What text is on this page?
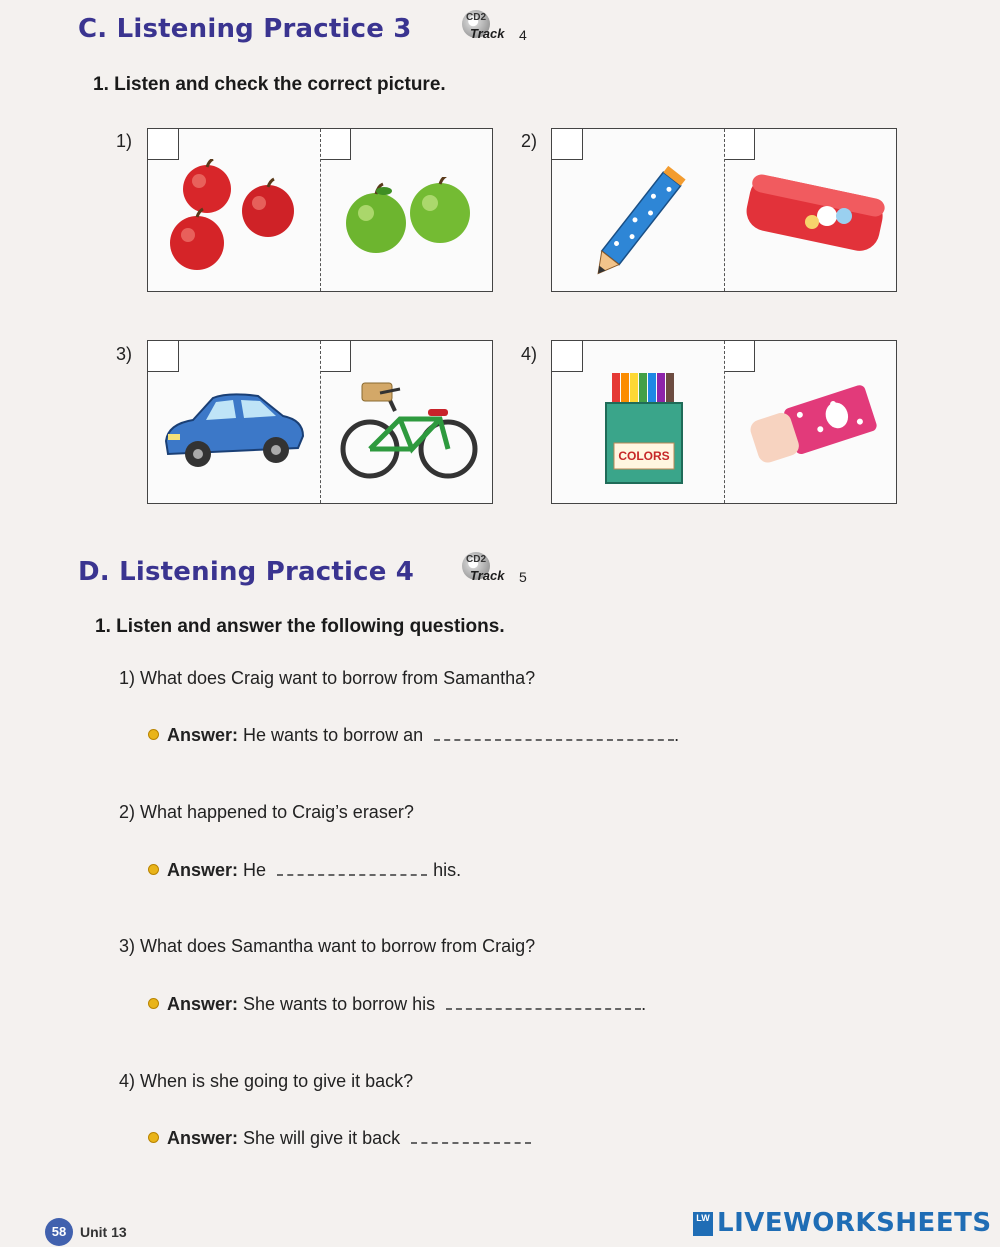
C. Listening Practice 3	CD2
Track 4
1. Listen and check the correct picture.
1)	2)
3)	4)
COLORS
D. Listening Practice 4	CD2
Track 5
1. Listen and answer the following questions.
1) What does Craig want to borrow from Samantha?
Answer: He wants to borrow an	.
2) What happened to Craig’s eraser?
Answer: He	his.
3) What does Samantha want to borrow from Craig?
Answer: She wants to borrow his	.
4) When is she going to give it back?
Answer: She will give it back
58 Unit 13
LW LIVEWORKSHEETS
